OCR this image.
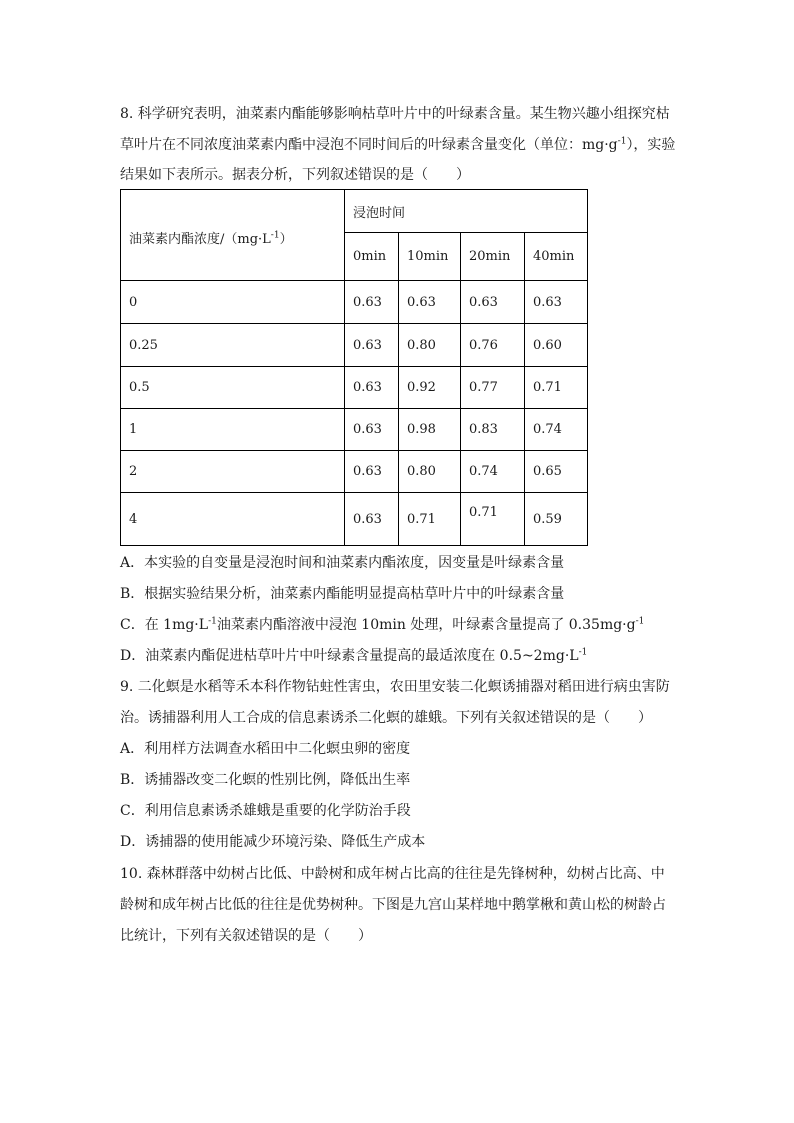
8. 科学研究表明，油菜素内酯能够影响枯草叶片中的叶绿素含量。某生物兴趣小组探究枯
草叶片在不同浓度油菜素内酯中浸泡不同时间后的叶绿素含量变化（单位：$mg\cdot g^{-1}$），实验
结果如下表所示。据表分析，下列叙述错误的是（　　）
油菜素内酯浓度$/(mg\cdot L^{-1})$	浸泡时间			
	0min	10min	20min	40min
0	0.63	0.63	0.63	0.63
0.25	0.63	0.80	0.76	0.60
0.5	0.63	0.92	0.77	0.71
1	0.63	0.98	0.83	0.74
2	0.63	0.80	0.74	0.65
4	0.63	0.71	0.71	0.59
A．本实验的自变量是浸泡时间和油菜素内酯浓度，因变量是叶绿素含量
B．根据实验结果分析，油菜素内酯能明显提高枯草叶片中的叶绿素含量
C．在 $1mg\cdot L^{-1}$油菜素内酯溶液中浸泡 10min 处理，叶绿素含量提高了 $0.35mg\cdot g^{-1}$
D．油菜素内酯促进枯草叶片中叶绿素含量提高的最适浓度在 $0.5\sim 2mg\cdot L^{-1}$
9. 二化螟是水稻等禾本科作物钻蛀性害虫，农田里安装二化螟诱捕器对稻田进行病虫害防
治。诱捕器利用人工合成的信息素诱杀二化螟的雄蛾。下列有关叙述错误的是（　　）
A．利用样方法调查水稻田中二化螟虫卵的密度
B．诱捕器改变二化螟的性别比例，降低出生率
C．利用信息素诱杀雄蛾是重要的化学防治手段
D．诱捕器的使用能减少环境污染、降低生产成本
10. 森林群落中幼树占比低、中龄树和成年树占比高的往往是先锋树种，幼树占比高、中
龄树和成年树占比低的往往是优势树种。下图是九宫山某样地中鹅掌楸和黄山松的树龄占
比统计，下列有关叙述错误的是（　　）
